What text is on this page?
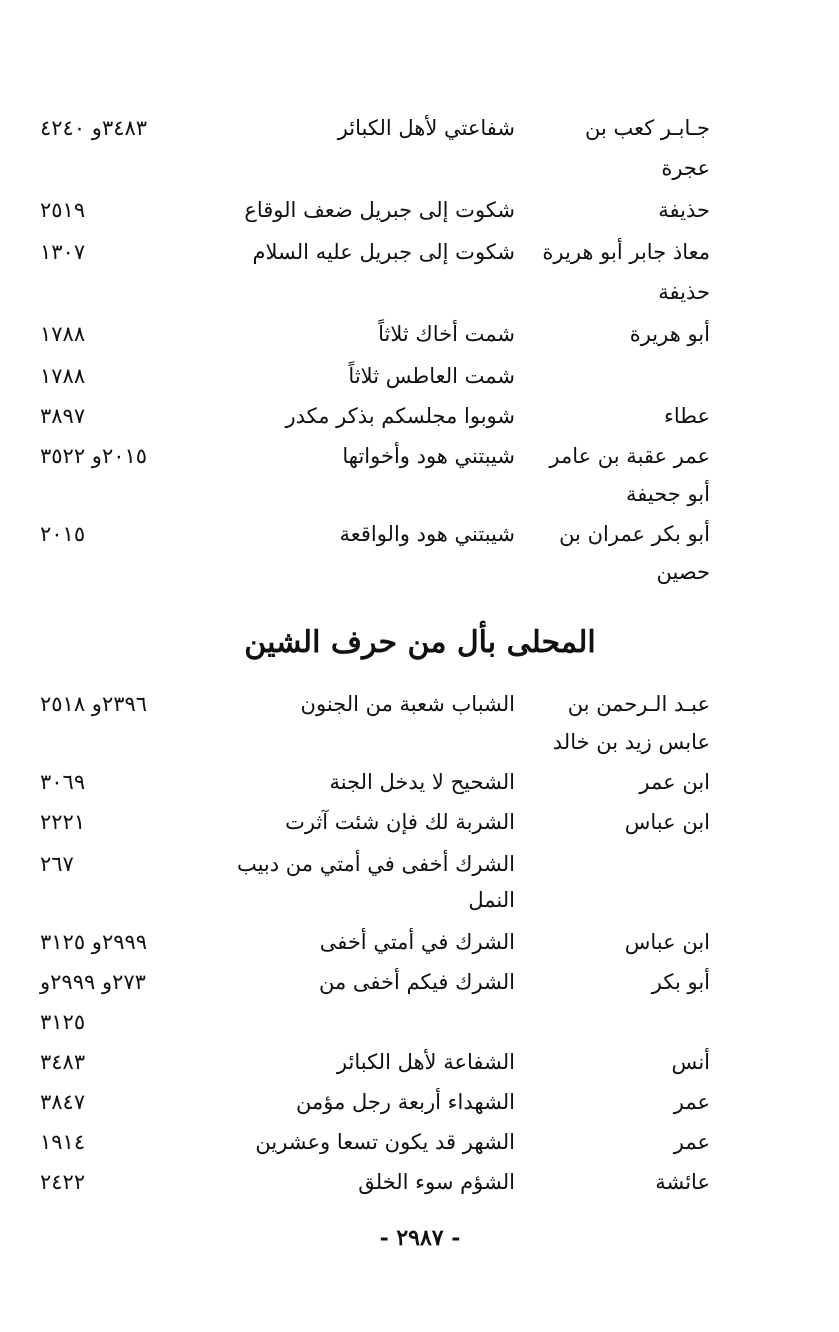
جـابـر كعب بن
شفاعتي لأهل الكبائر
٣٤٨٣و ٤٢٤٠
عجرة
حذيفة
شكوت إلى جبريل ضعف الوقاع
٢٥١٩
معاذ جابر أبو هريرة
شكوت إلى جبريل عليه السلام
١٣٠٧
حذيفة
أبو هريرة
شمت أخاك ثلاثاً
١٧٨٨
شمت العاطس ثلاثاً
١٧٨٨
عطاء
شوبوا مجلسكم بذكر مكدر
٣٨٩٧
عمر عقبة بن عامر
شيبتني هود وأخواتها
٢٠١٥و ٣٥٢٢
أبو جحيفة
أبو بكر عمران بن
شيبتني هود والواقعة
٢٠١٥
حصين
المحلى بأل من حرف الشين
عبـد الـرحمن بن
الشباب شعبة من الجنون
٢٣٩٦و ٢٥١٨
عابس زيد بن خالد
ابن عمر
الشحيح لا يدخل الجنة
٣٠٦٩
ابن عباس
الشربة لك فإن شئت آثرت
٢٢٢١
الشرك أخفى في أمتي من دبيب
٢٦٧
النمل
ابن عباس
الشرك في أمتي أخفى
٢٩٩٩و ٣١٢٥
أبو بكر
الشرك فيكم أخفى من
٢٧٣و ٢٩٩٩و
٣١٢٥
أنس
الشفاعة لأهل الكبائر
٣٤٨٣
عمر
الشهداء أربعة رجل مؤمن
٣٨٤٧
عمر
الشهر قد يكون تسعا وعشرين
١٩١٤
عائشة
الشؤم سوء الخلق
٢٤٢٢
- ٢٩٨٧ -
